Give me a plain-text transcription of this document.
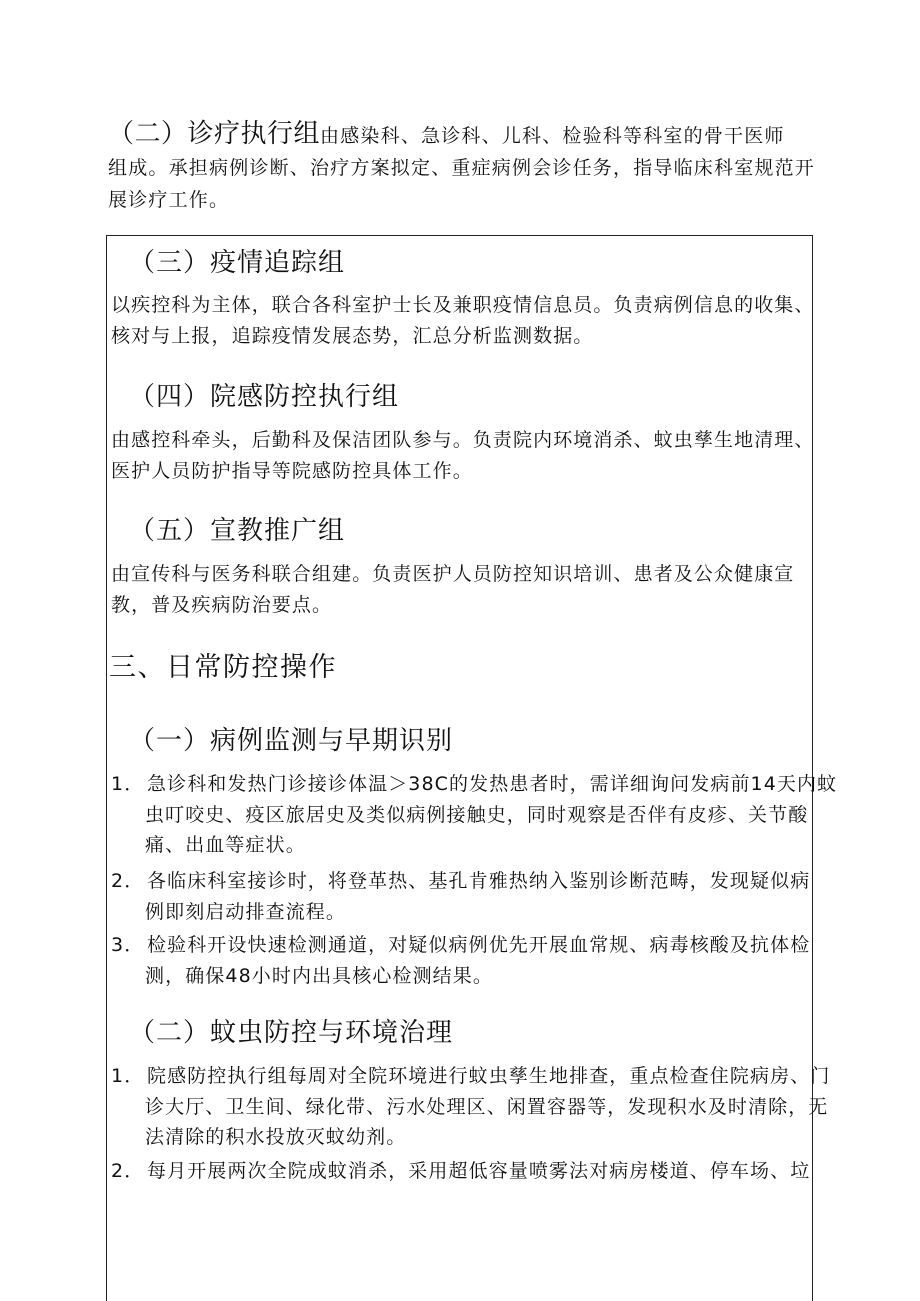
（二）诊疗执行组由感染科、急诊科、儿科、检验科等科室的骨干医师
组成。承担病例诊断、治疗方案拟定、重症病例会诊任务，指导临床科室规范开
展诊疗工作。
（三）疫情追踪组
以疾控科为主体，联合各科室护士长及兼职疫情信息员。负责病例信息的收集、
核对与上报，追踪疫情发展态势，汇总分析监测数据。
（四）院感防控执行组
由感控科牵头，后勤科及保洁团队参与。负责院内环境消杀、蚊虫孳生地清理、
医护人员防护指导等院感防控具体工作。
（五）宣教推广组
由宣传科与医务科联合组建。负责医护人员防控知识培训、患者及公众健康宣
教，普及疾病防治要点。
三、日常防控操作
（一）病例监测与早期识别
1． 急诊科和发热门诊接诊体温＞38C的发热患者时，需详细询问发病前14天内蚊
虫叮咬史、疫区旅居史及类似病例接触史，同时观察是否伴有皮疹、关节酸
痛、出血等症状。
2． 各临床科室接诊时，将登革热、基孔肯雅热纳入鉴别诊断范畴，发现疑似病
例即刻启动排查流程。
3． 检验科开设快速检测通道，对疑似病例优先开展血常规、病毒核酸及抗体检
测，确保48小时内出具核心检测结果。
（二）蚊虫防控与环境治理
1． 院感防控执行组每周对全院环境进行蚊虫孳生地排查，重点检查住院病房、门
诊大厅、卫生间、绿化带、污水处理区、闲置容器等，发现积水及时清除，无
法清除的积水投放灭蚊幼剂。
2． 每月开展两次全院成蚊消杀，采用超低容量喷雾法对病房楼道、停车场、垃
